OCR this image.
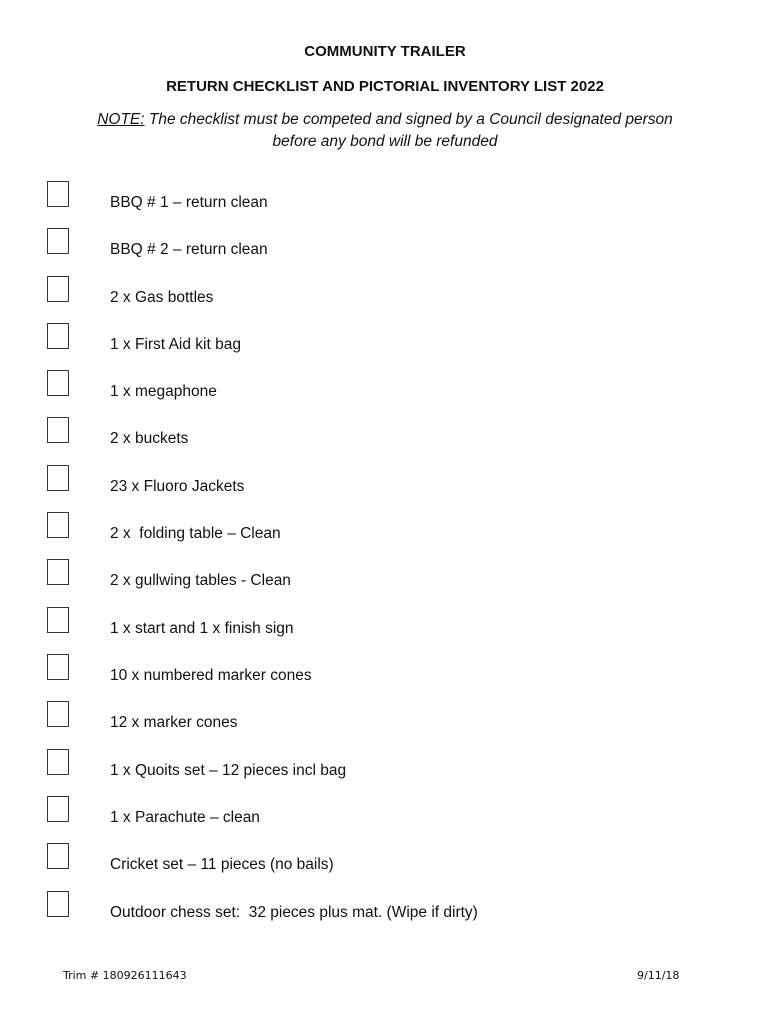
COMMUNITY TRAILER
RETURN CHECKLIST AND PICTORIAL INVENTORY LIST 2022
NOTE: The checklist must be competed and signed by a Council designated person
before any bond will be refunded
BBQ # 1 – return clean
BBQ # 2 – return clean
2 x Gas bottles
1 x First Aid kit bag
1 x megaphone
2 x buckets
23 x Fluoro Jackets
2 x  folding table – Clean
2 x gullwing tables - Clean
1 x start and 1 x finish sign
10 x numbered marker cones
12 x marker cones
1 x Quoits set – 12 pieces incl bag
1 x Parachute – clean
Cricket set – 11 pieces (no bails)
Outdoor chess set:  32 pieces plus mat. (Wipe if dirty)
Trim # 180926111643	9/11/18
